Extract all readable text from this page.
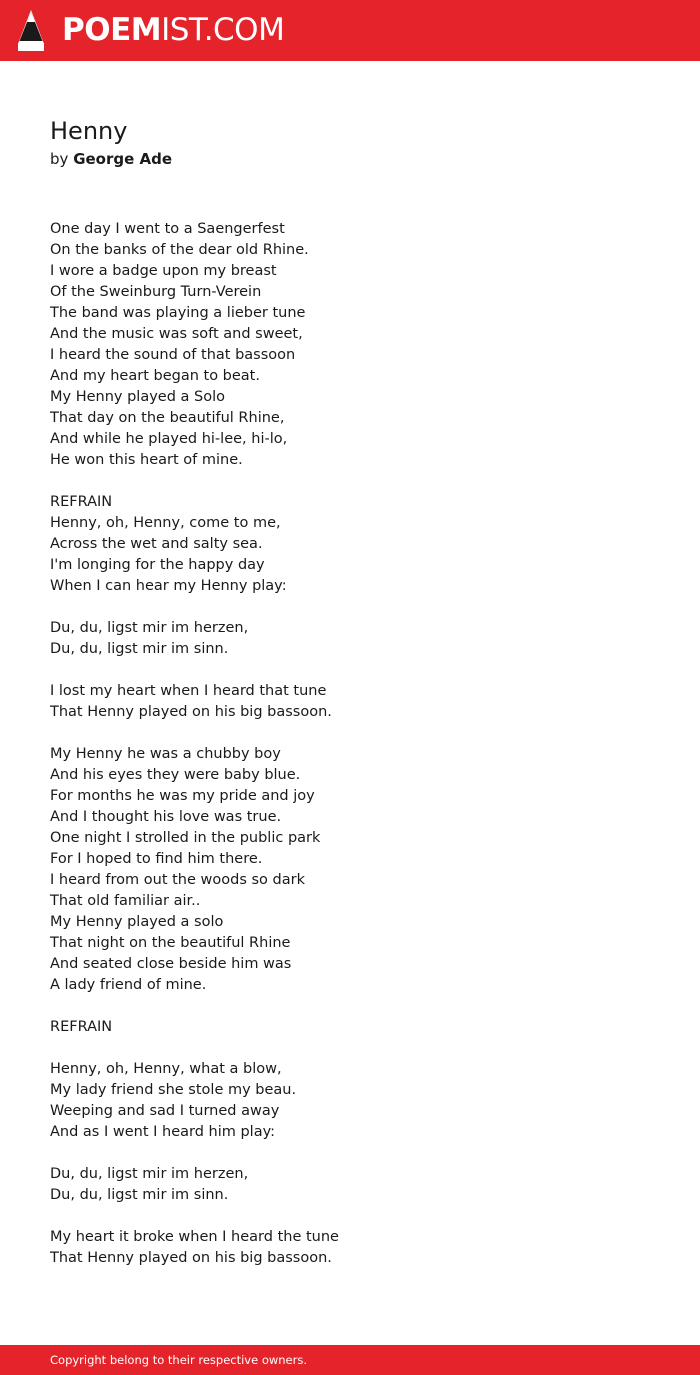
POEMIST.COM
Henny
by George Ade
One day I went to a Saengerfest
On the banks of the dear old Rhine.
I wore a badge upon my breast
Of the Sweinburg Turn-Verein
The band was playing a lieber tune
And the music was soft and sweet,
I heard the sound of that bassoon
And my heart began to beat.
My Henny played a Solo
That day on the beautiful Rhine,
And while he played hi-lee, hi-lo,
He won this heart of mine.
REFRAIN
Henny, oh, Henny, come to me,
Across the wet and salty sea.
I'm longing for the happy day
When I can hear my Henny play:
Du, du, ligst mir im herzen,
Du, du, ligst mir im sinn.
I lost my heart when I heard that tune
That Henny played on his big bassoon.
My Henny he was a chubby boy
And his eyes they were baby blue.
For months he was my pride and joy
And I thought his love was true.
One night I strolled in the public park
For I hoped to find him there.
I heard from out the woods so dark
That old familiar air..
My Henny played a solo
That night on the beautiful Rhine
And seated close beside him was
A lady friend of mine.
REFRAIN
Henny, oh, Henny, what a blow,
My lady friend she stole my beau.
Weeping and sad I turned away
And as I went I heard him play:
Du, du, ligst mir im herzen,
Du, du, ligst mir im sinn.
My heart it broke when I heard the tune
That Henny played on his big bassoon.
Copyright belong to their respective owners.
